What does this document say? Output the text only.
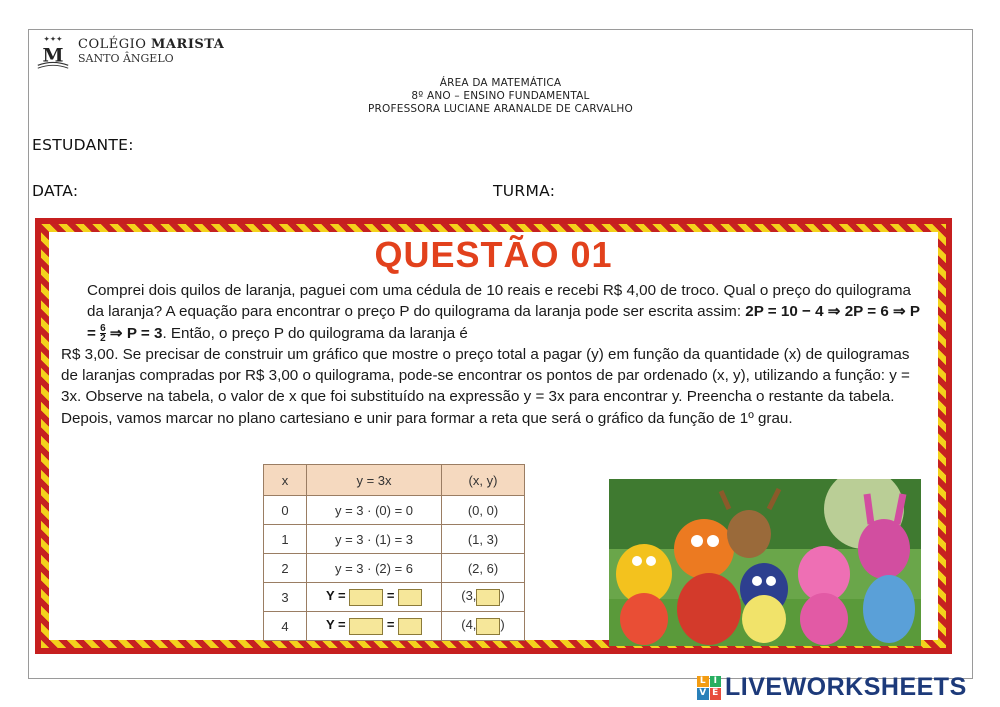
✦✦✦
M COLÉGIO MARISTA
SANTO ÂNGELO
ÁREA DA MATEMÁTICA
8º ANO – ENSINO FUNDAMENTAL
PROFESSORA LUCIANE ARANALDE DE CARVALHO
ESTUDANTE:
DATA:	TURMA:
QUESTÃO 01

Comprei dois quilos de laranja, paguei com uma cédula de 10 reais e recebi R$ 4,00 de troco. Qual o preço do quilograma da laranja? A equação para encontrar o preço P do quilograma da laranja pode ser escrita assim: 2P = 10 − 4 ⇒ 2P = 6 ⇒ $P = \frac{6}{2}$ ⇒ P = 3. Então, o preço P do quilograma da laranja é

R$ 3,00. Se precisar de construir um gráfico que mostre o preço total a pagar (y) em função da quantidade (x) de quilogramas de laranjas compradas por R$ 3,00 o quilograma, pode-se encontrar os pontos de par ordenado (x, y), utilizando a função: y = 3x. Observe na tabela, o valor de x que foi substituído na expressão y = 3x para encontrar y. Preencha o restante da tabela. Depois, vamos marcar no plano cartesiano e unir para formar a reta que será o gráfico da função de 1º grau.

x	y = 3x	(x, y)
0	y = 3 · (0) = 0	(0, 0)
1	y = 3 · (1) = 3	(1, 3)
2	y = 3 · (2) = 6	(2, 6)
3	Y = =	(3, )
4	Y = =	(4, )
L I
V E LIVEWORKSHEETS
